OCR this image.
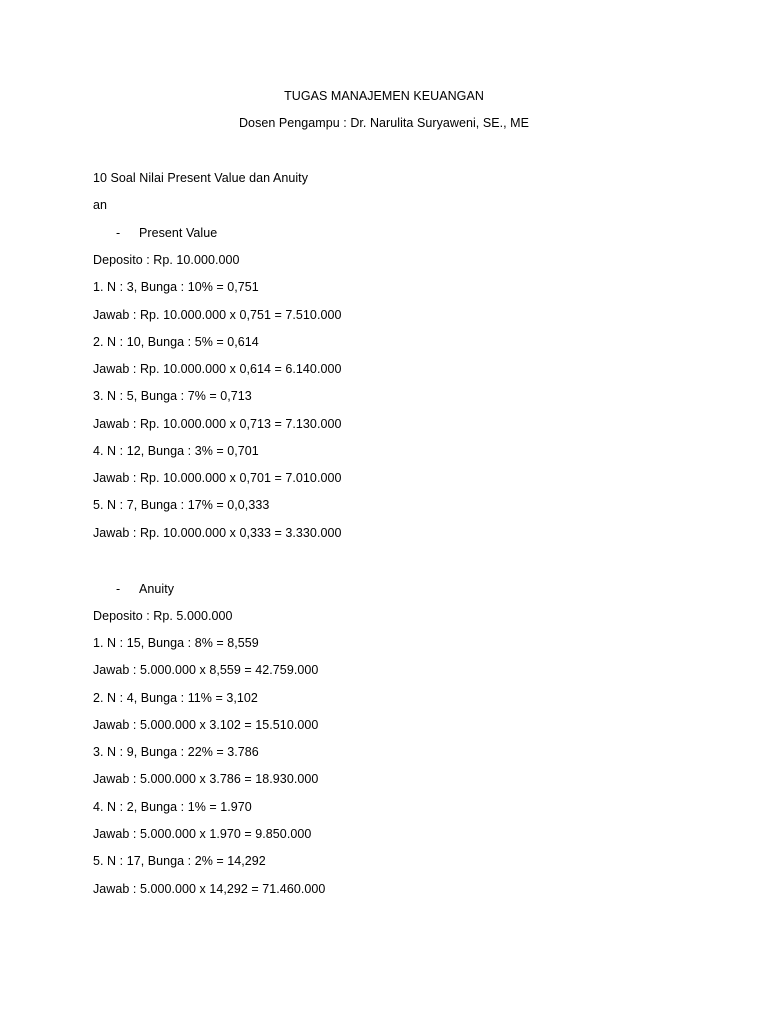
TUGAS MANAJEMEN KEUANGAN
Dosen Pengampu : Dr. Narulita Suryaweni, SE., ME
10 Soal Nilai Present Value dan Anuity
an
- Present Value
Deposito : Rp. 10.000.000
1. N : 3, Bunga : 10% = 0,751
Jawab : Rp. 10.000.000 x 0,751 = 7.510.000
2. N : 10, Bunga : 5% = 0,614
Jawab : Rp. 10.000.000 x 0,614 = 6.140.000
3. N : 5, Bunga : 7% = 0,713
Jawab : Rp. 10.000.000 x 0,713 = 7.130.000
4. N : 12, Bunga : 3% = 0,701
Jawab : Rp. 10.000.000 x 0,701 = 7.010.000
5. N : 7, Bunga : 17% = 0,0,333
Jawab : Rp. 10.000.000 x 0,333 = 3.330.000
- Anuity
Deposito : Rp. 5.000.000
1. N : 15, Bunga : 8% = 8,559
Jawab : 5.000.000 x 8,559 = 42.759.000
2. N : 4, Bunga : 11% = 3,102
Jawab : 5.000.000 x 3.102 = 15.510.000
3. N : 9, Bunga : 22% = 3.786
Jawab : 5.000.000 x 3.786 = 18.930.000
4. N : 2, Bunga : 1% = 1.970
Jawab : 5.000.000 x 1.970 = 9.850.000
5. N : 17, Bunga : 2% = 14,292
Jawab : 5.000.000 x 14,292 = 71.460.000
